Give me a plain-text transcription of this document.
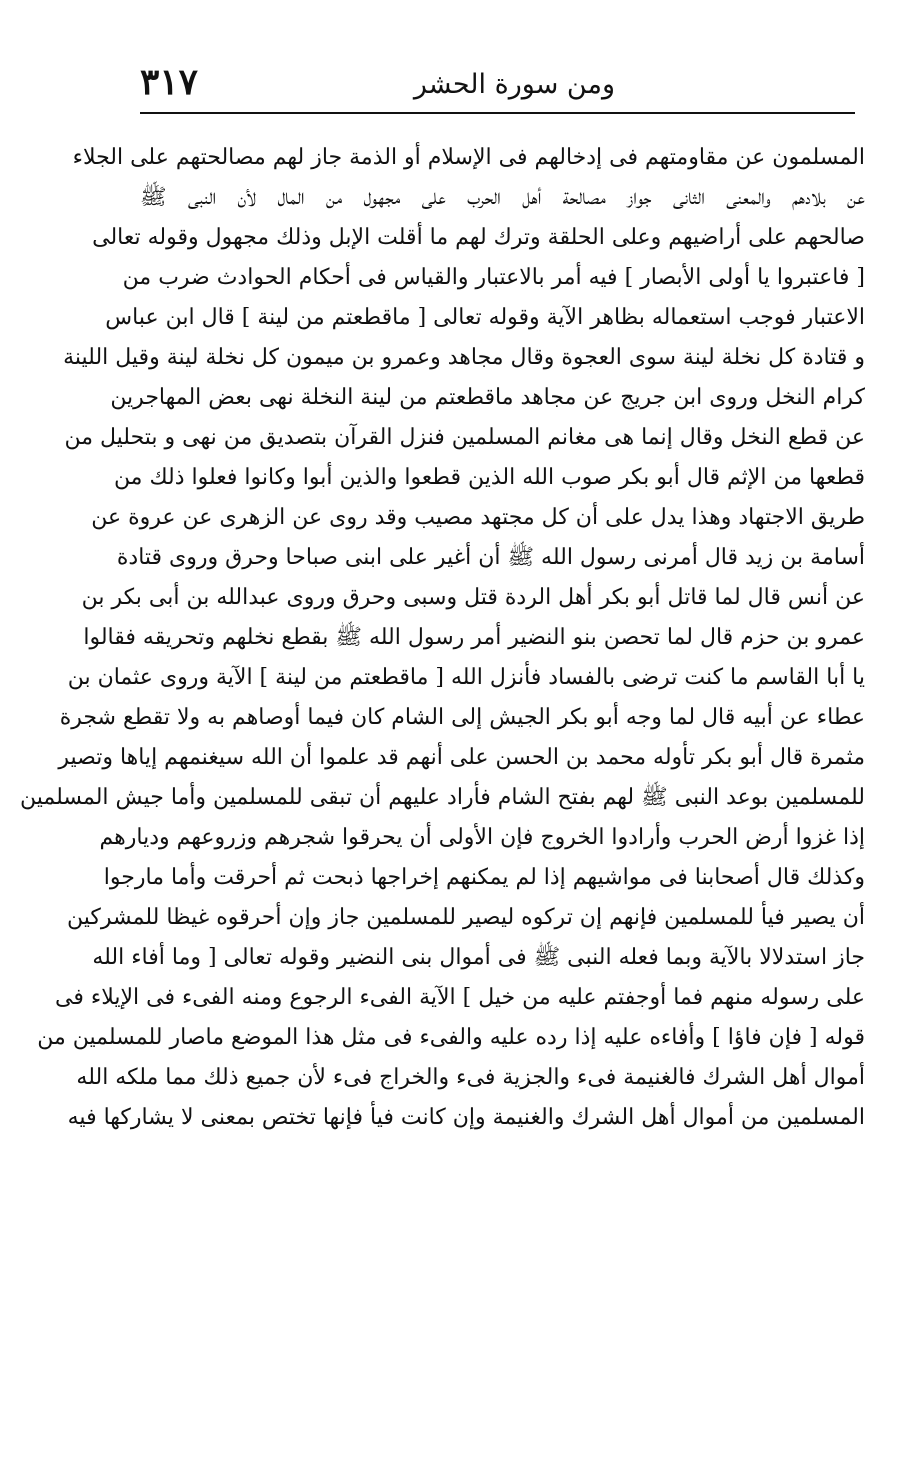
ومن سورة الحشر
٣١٧
المسلمون عن مقاومتهم فى إدخالهم فى الإسلام أو الذمة جاز لهم مصالحتهم على الجلاء
عن بلادهم والمعنى الثانى جواز مصالحة أهل الحرب على مجهول من المال لأن النبى ﷺ
صالحهم على أراضيهم وعلى الحلقة وترك لهم ما أقلت الإبل وذلك مجهول وقوله تعالى
[ فاعتبروا يا أولى الأبصار ] فيه أمر بالاعتبار والقياس فى أحكام الحوادث ضرب من
الاعتبار فوجب استعماله بظاهر الآية وقوله تعالى [ ماقطعتم من لينة ] قال ابن عباس
و قتادة كل نخلة لينة سوى العجوة وقال مجاهد وعمرو بن ميمون كل نخلة لينة وقيل اللينة
كرام النخل وروى ابن جريج عن مجاهد ماقطعتم من لينة النخلة نهى بعض المهاجرين
عن قطع النخل وقال إنما هى مغانم المسلمين فنزل القرآن بتصديق من نهى و بتحليل من
قطعها من الإثم قال أبو بكر صوب الله الذين قطعوا والذين أبوا وكانوا فعلوا ذلك من
طريق الاجتهاد وهذا يدل على أن كل مجتهد مصيب وقد روى عن الزهرى عن عروة عن
أسامة بن زيد قال أمرنى رسول الله ﷺ أن أغير على ابنى صباحا وحرق وروى قتادة
عن أنس قال لما قاتل أبو بكر أهل الردة قتل وسبى وحرق وروى عبدالله بن أبى بكر بن
عمرو بن حزم قال لما تحصن بنو النضير أمر رسول الله ﷺ بقطع نخلهم وتحريقه فقالوا
يا أبا القاسم ما كنت ترضى بالفساد فأنزل الله [ ماقطعتم من لينة ] الآية وروى عثمان بن
عطاء عن أبيه قال لما وجه أبو بكر الجيش إلى الشام كان فيما أوصاهم به ولا تقطع شجرة
مثمرة قال أبو بكر تأوله محمد بن الحسن على أنهم قد علموا أن الله سيغنمهم إياها وتصير
للمسلمين بوعد النبى ﷺ لهم بفتح الشام فأراد عليهم أن تبقى للمسلمين وأما جيش المسلمين
إذا غزوا أرض الحرب وأرادوا الخروج فإن الأولى أن يحرقوا شجرهم وزروعهم وديارهم
وكذلك قال أصحابنا فى مواشيهم إذا لم يمكنهم إخراجها ذبحت ثم أحرقت وأما مارجوا
أن يصير فيأ للمسلمين فإنهم إن تركوه ليصير للمسلمين جاز وإن أحرقوه غيظا للمشركين
جاز استدلالا بالآية وبما فعله النبى ﷺ فى أموال بنى النضير وقوله تعالى [ وما أفاء الله
على رسوله منهم فما أوجفتم عليه من خيل ] الآية الفىء الرجوع ومنه الفىء فى الإيلاء فى
قوله [ فإن فاؤا ] وأفاءه عليه إذا رده عليه والفىء فى مثل هذا الموضع ماصار للمسلمين من
أموال أهل الشرك فالغنيمة فىء والجزية فىء والخراج فىء لأن جميع ذلك مما ملكه الله
المسلمين من أموال أهل الشرك والغنيمة وإن كانت فيأ فإنها تختص بمعنى لا يشاركها فيه
